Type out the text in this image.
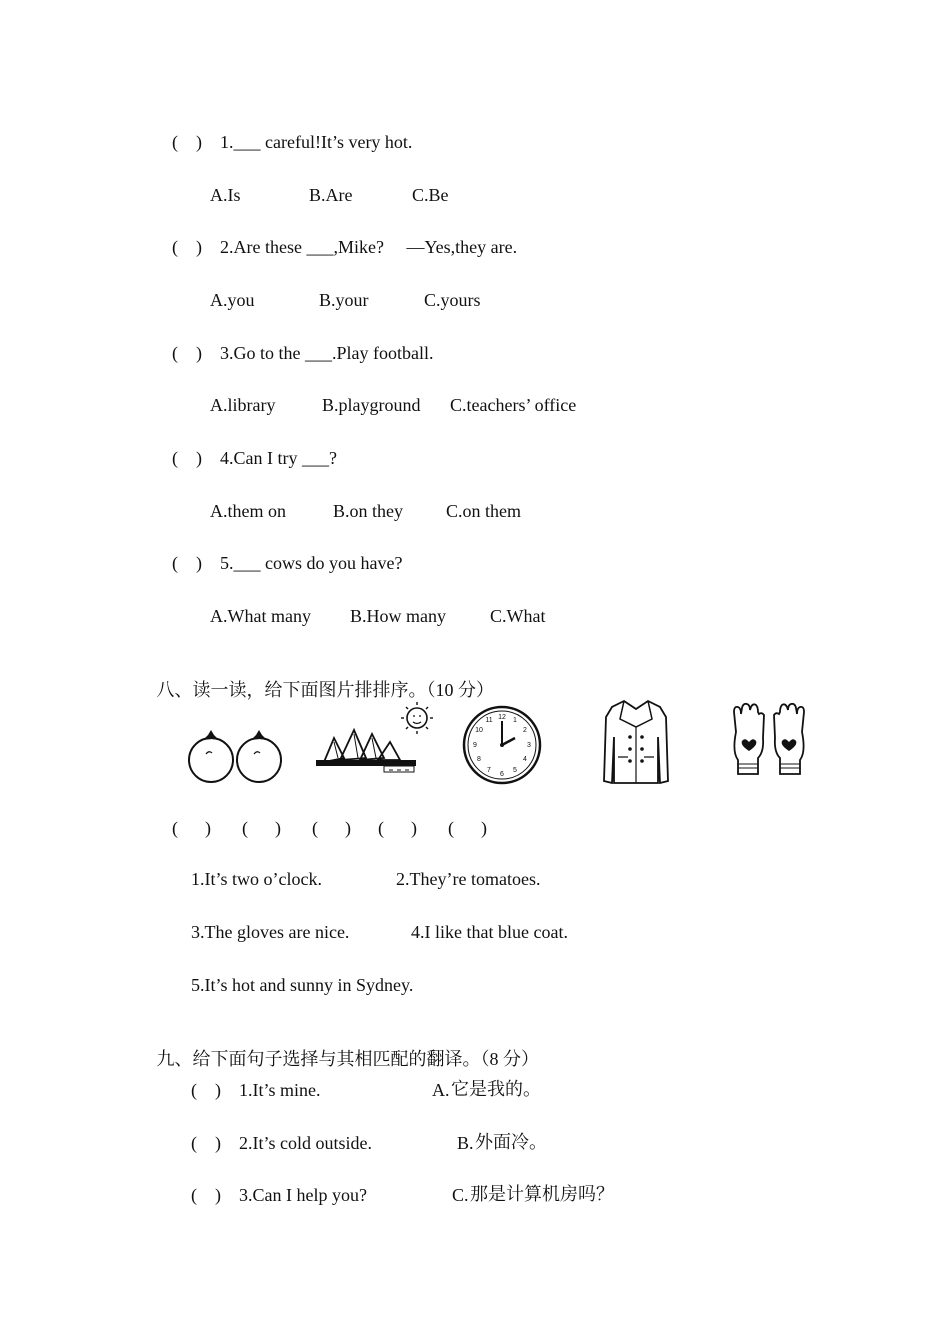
(    ) 1.___ careful!It’s very hot.
A.Is	B.Are	C.Be
(    ) 2.Are these ___,Mike?     —Yes,they are.
A.you	B.your	C.yours
(    ) 3.Go to the ___.Play football.
A.library	B.playground C.teachers’ office
(    ) 4.Can I try ___?
A.them on	B.on they C.on them
(    ) 5.___ cows do you have?
A.What many B.How many C.What

八、读一读，给下面图片排排序。（10 分）

12 1
2
3
4
5
6
7
8
9
10
11
(      ) (      ) (      ) (      ) (      )
1.It’s two o’clock.	2.They’re tomatoes.
3.The gloves are nice.	4.I like that blue coat.
5.It’s hot and sunny in Sydney.

九、给下面句子选择与其相匹配的翻译。（8 分）

(    ) 1.It’s mine.	A. 它是我的。
(    ) 2.It’s cold outside.	B. 外面冷。
(    ) 3.Can I help you?	C. 那是计算机房吗？
